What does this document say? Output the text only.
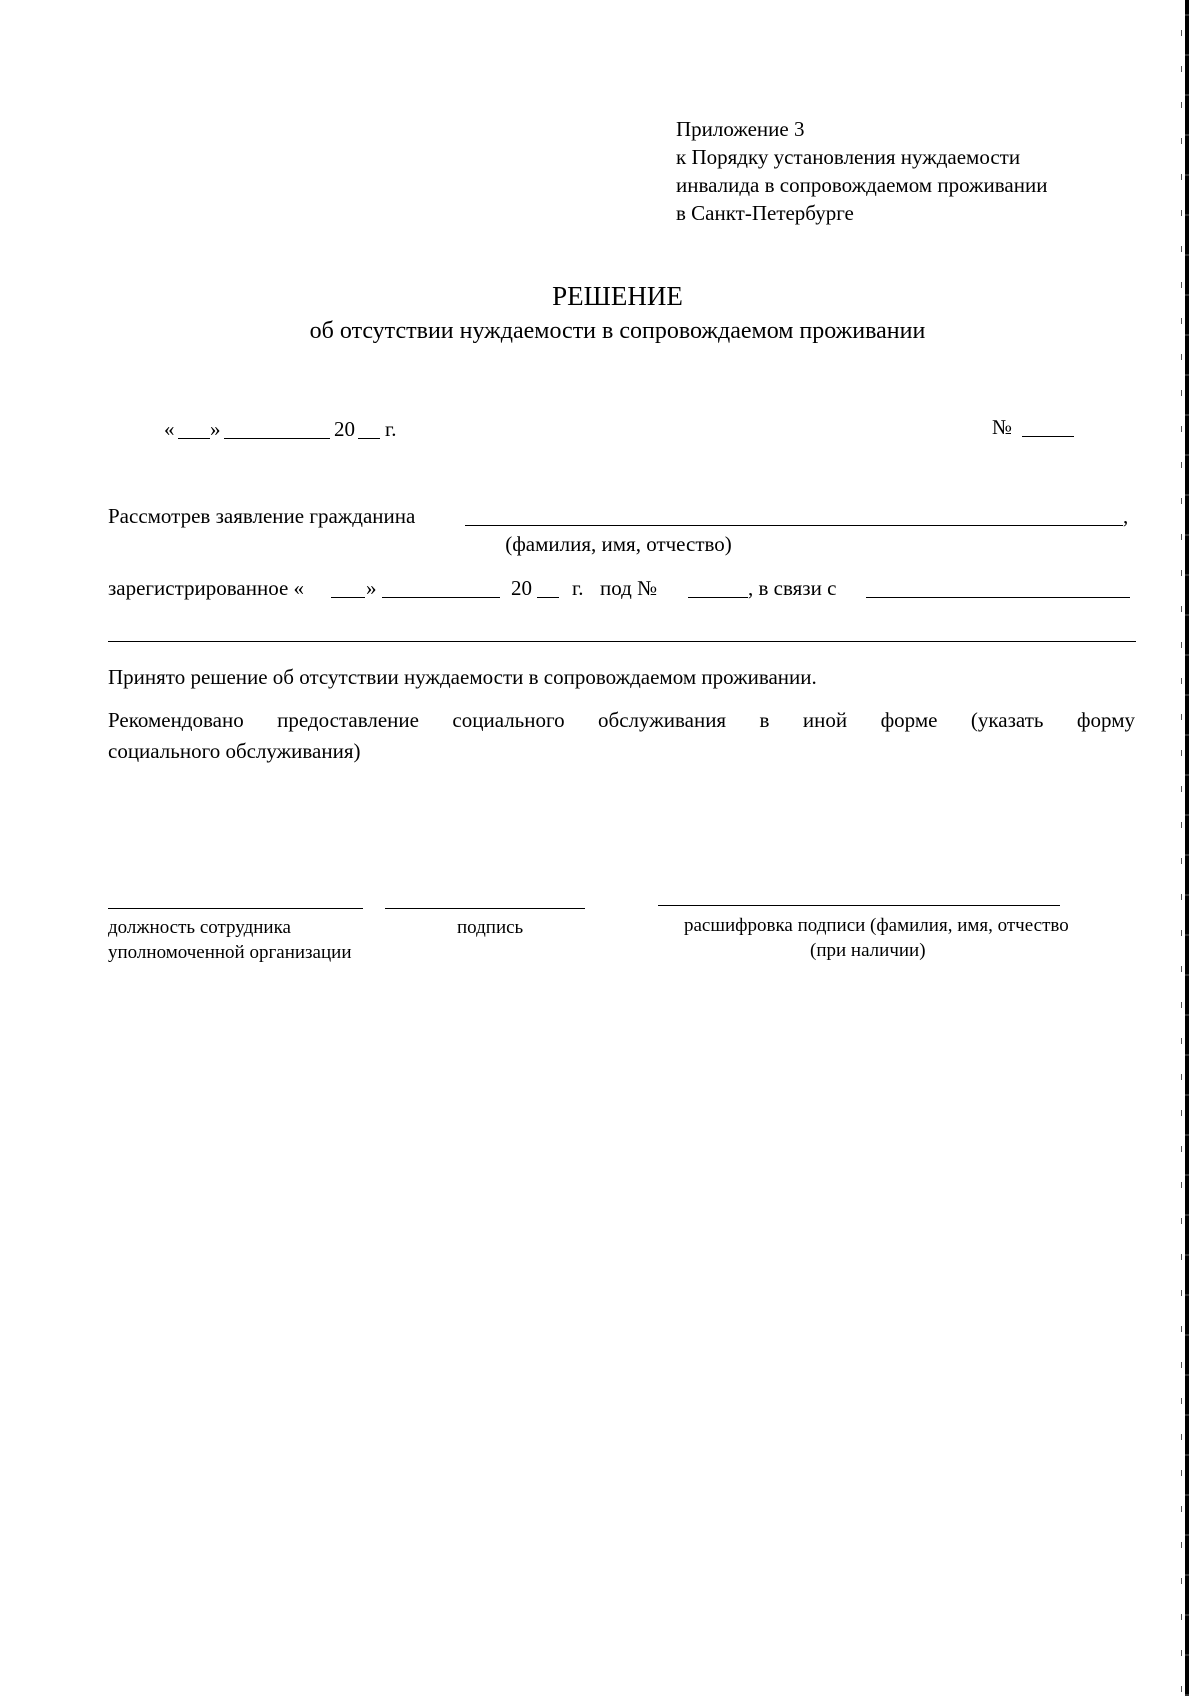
Приложение 3
к Порядку установления нуждаемости
инвалида в сопровождаемом проживании
в Санкт-Петербурге
РЕШЕНИЕ
об отсутствии нуждаемости в сопровождаемом проживании
« »	20 г.	№
Рассмотрев заявление гражданина	,
(фамилия, имя, отчество)
зарегистрированное «	»	20 г. под №	, в связи с
Принято решение об отсутствии нуждаемости в сопровождаемом проживании.
Рекомендовано предоставление социального обслуживания в иной форме (указать форму
социального обслуживания)
должность сотрудника
уполномоченной организации
подпись	расшифровка подписи (фамилия, имя, отчество
(при наличии)
